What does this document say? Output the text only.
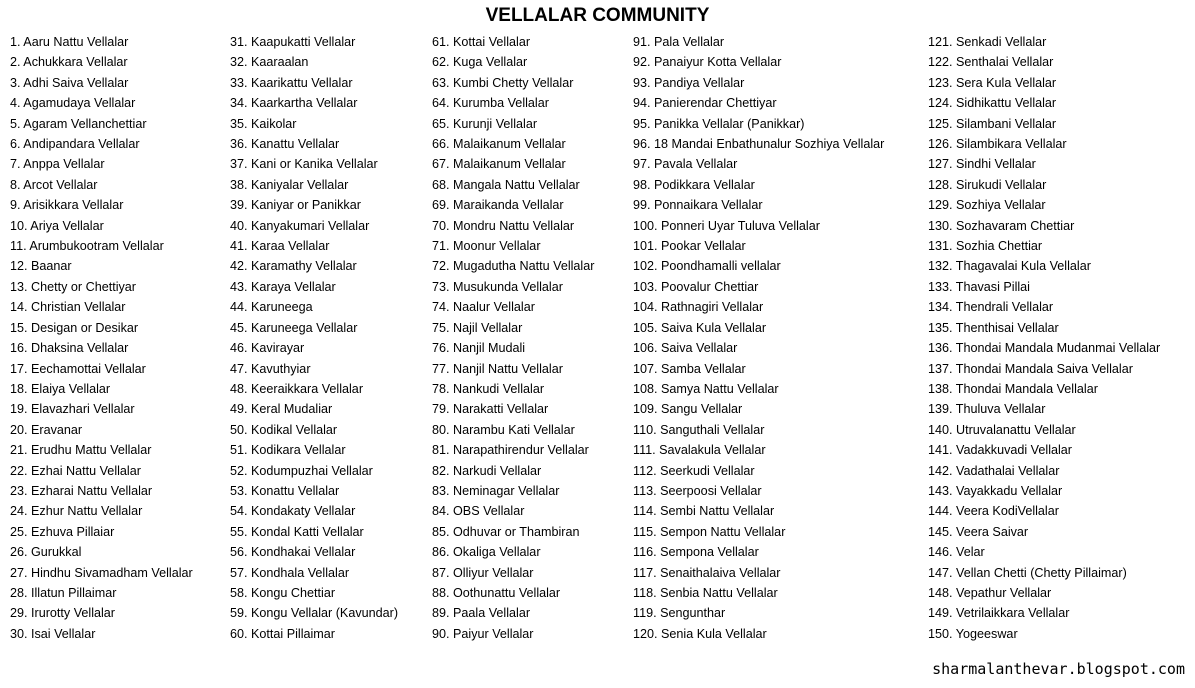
VELLALAR COMMUNITY
1. Aaru Nattu Vellalar
2. Achukkara Vellalar
3. Adhi Saiva Vellalar
4. Agamudaya Vellalar
5. Agaram Vellanchettiar
6. Andipandara Vellalar
7. Anppa Vellalar
8. Arcot Vellalar
9. Arisikkara Vellalar
10. Ariya Vellalar
11. Arumbukootram Vellalar
12. Baanar
13. Chetty or Chettiyar
14. Christian Vellalar
15. Desigan or Desikar
16. Dhaksina Vellalar
17. Eechamottai Vellalar
18. Elaiya Vellalar
19. Elavazhari Vellalar
20. Eravanar
21. Erudhu Mattu Vellalar
22. Ezhai Nattu Vellalar
23. Ezharai Nattu Vellalar
24. Ezhur Nattu Vellalar
25. Ezhuva Pillaiar
26. Gurukkal
27. Hindhu Sivamadham Vellalar
28. Illatun Pillaimar
29. Irurotty Vellalar
30. Isai Vellalar
31. Kaapukatti Vellalar
32. Kaaraalan
33. Kaarikattu Vellalar
34. Kaarkartha Vellalar
35. Kaikolar
36. Kanattu Vellalar
37. Kani or Kanika Vellalar
38. Kaniyalar Vellalar
39. Kaniyar or Panikkar
40. Kanyakumari Vellalar
41. Karaa Vellalar
42. Karamathy Vellalar
43. Karaya Vellalar
44. Karuneega
45. Karuneega Vellalar
46. Kavirayar
47. Kavuthyiar
48. Keeraikkara Vellalar
49. Keral Mudaliar
50. Kodikal Vellalar
51. Kodikara Vellalar
52. Kodumpuzhai Vellalar
53. Konattu Vellalar
54. Kondakaty Vellalar
55. Kondal Katti Vellalar
56. Kondhakai Vellalar
57. Kondhala Vellalar
58. Kongu Chettiar
59. Kongu Vellalar (Kavundar)
60. Kottai Pillaimar
61. Kottai Vellalar
62. Kuga Vellalar
63. Kumbi Chetty Vellalar
64. Kurumba Vellalar
65. Kurunji Vellalar
66. Malaikanum Vellalar
67. Malaikanum Vellalar
68. Mangala Nattu Vellalar
69. Maraikanda Vellalar
70. Mondru Nattu Vellalar
71. Moonur Vellalar
72. Mugadutha Nattu Vellalar
73. Musukunda Vellalar
74. Naalur Vellalar
75. Najil Vellalar
76. Nanjil Mudali
77. Nanjil Nattu Vellalar
78. Nankudi Vellalar
79. Narakatti Vellalar
80. Narambu Kati Vellalar
81. Narapathirendur Vellalar
82. Narkudi Vellalar
83. Neminagar Vellalar
84. OBS Vellalar
85. Odhuvar or Thambiran
86. Okaliga Vellalar
87. Olliyur Vellalar
88. Oothunattu Vellalar
89. Paala Vellalar
90. Paiyur Vellalar
91. Pala Vellalar
92. Panaiyur Kotta Vellalar
93. Pandiya Vellalar
94. Panierendar Chettiyar
95. Panikka Vellalar (Panikkar)
96. 18 Mandai Enbathunalur Sozhiya Vellalar
97. Pavala Vellalar
98. Podikkara Vellalar
99. Ponnaikara Vellalar
100. Ponneri Uyar Tuluva Vellalar
101. Pookar Vellalar
102. Poondhamalli vellalar
103. Poovalur Chettiar
104. Rathnagiri Vellalar
105. Saiva Kula Vellalar
106. Saiva Vellalar
107. Samba Vellalar
108. Samya Nattu Vellalar
109. Sangu Vellalar
110. Sanguthali Vellalar
111. Savalakula Vellalar
112. Seerkudi Vellalar
113. Seerpoosi Vellalar
114. Sembi Nattu Vellalar
115. Sempon Nattu Vellalar
116. Sempona Vellalar
117. Senaithalaiva Vellalar
118. Senbia Nattu Vellalar
119. Sengunthar
120. Senia Kula Vellalar
121. Senkadi Vellalar
122. Senthalai Vellalar
123. Sera Kula Vellalar
124. Sidhikattu Vellalar
125. Silambani Vellalar
126. Silambikara Vellalar
127. Sindhi Vellalar
128. Sirukudi Vellalar
129. Sozhiya Vellalar
130. Sozhavaram Chettiar
131. Sozhia Chettiar
132. Thagavalai Kula Vellalar
133. Thavasi Pillai
134. Thendrali Vellalar
135. Thenthisai Vellalar
136. Thondai Mandala Mudanmai Vellalar
137. Thondai Mandala Saiva Vellalar
138. Thondai Mandala Vellalar
139. Thuluva Vellalar
140. Utruvalanattu Vellalar
141. Vadakkuvadi Vellalar
142. Vadathalai Vellalar
143. Vayakkadu Vellalar
144. Veera KodiVellalar
145. Veera Saivar
146. Velar
147. Vellan Chetti (Chetty Pillaimar)
148. Vepathur Vellalar
149. Vetrilaikkara Vellalar
150. Yogeeswar
sharmalanthevar.blogspot.com
